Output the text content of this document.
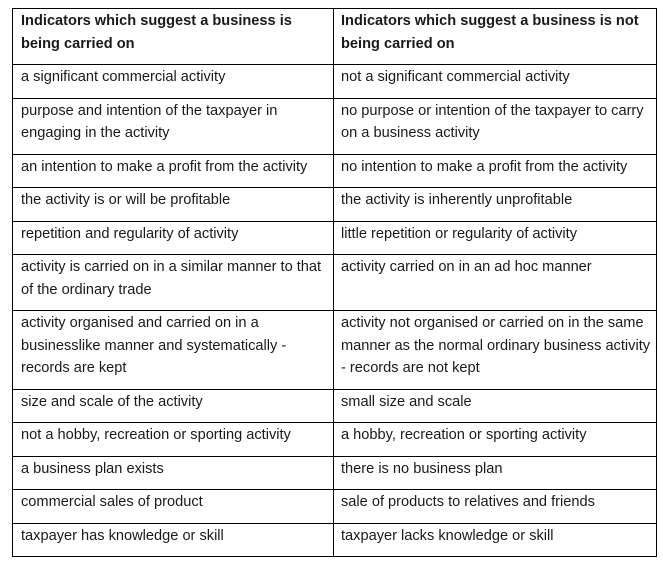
Indicators which suggest a business is being carried on	Indicators which suggest a business is not being carried on
a significant commercial activity	not a significant commercial activity
purpose and intention of the taxpayer in engaging in the activity	no purpose or intention of the taxpayer to carry on a business activity
an intention to make a profit from the activity	no intention to make a profit from the activity
the activity is or will be profitable	the activity is inherently unprofitable
repetition and regularity of activity	little repetition or regularity of activity
activity is carried on in a similar manner to that of the ordinary trade	activity carried on in an ad hoc manner
activity organised and carried on in a businesslike manner and systematically - records are kept	activity not organised or carried on in the same manner as the normal ordinary business activity - records are not kept
size and scale of the activity	small size and scale
not a hobby, recreation or sporting activity	a hobby, recreation or sporting activity
a business plan exists	there is no business plan
commercial sales of product	sale of products to relatives and friends
taxpayer has knowledge or skill	taxpayer lacks knowledge or skill
